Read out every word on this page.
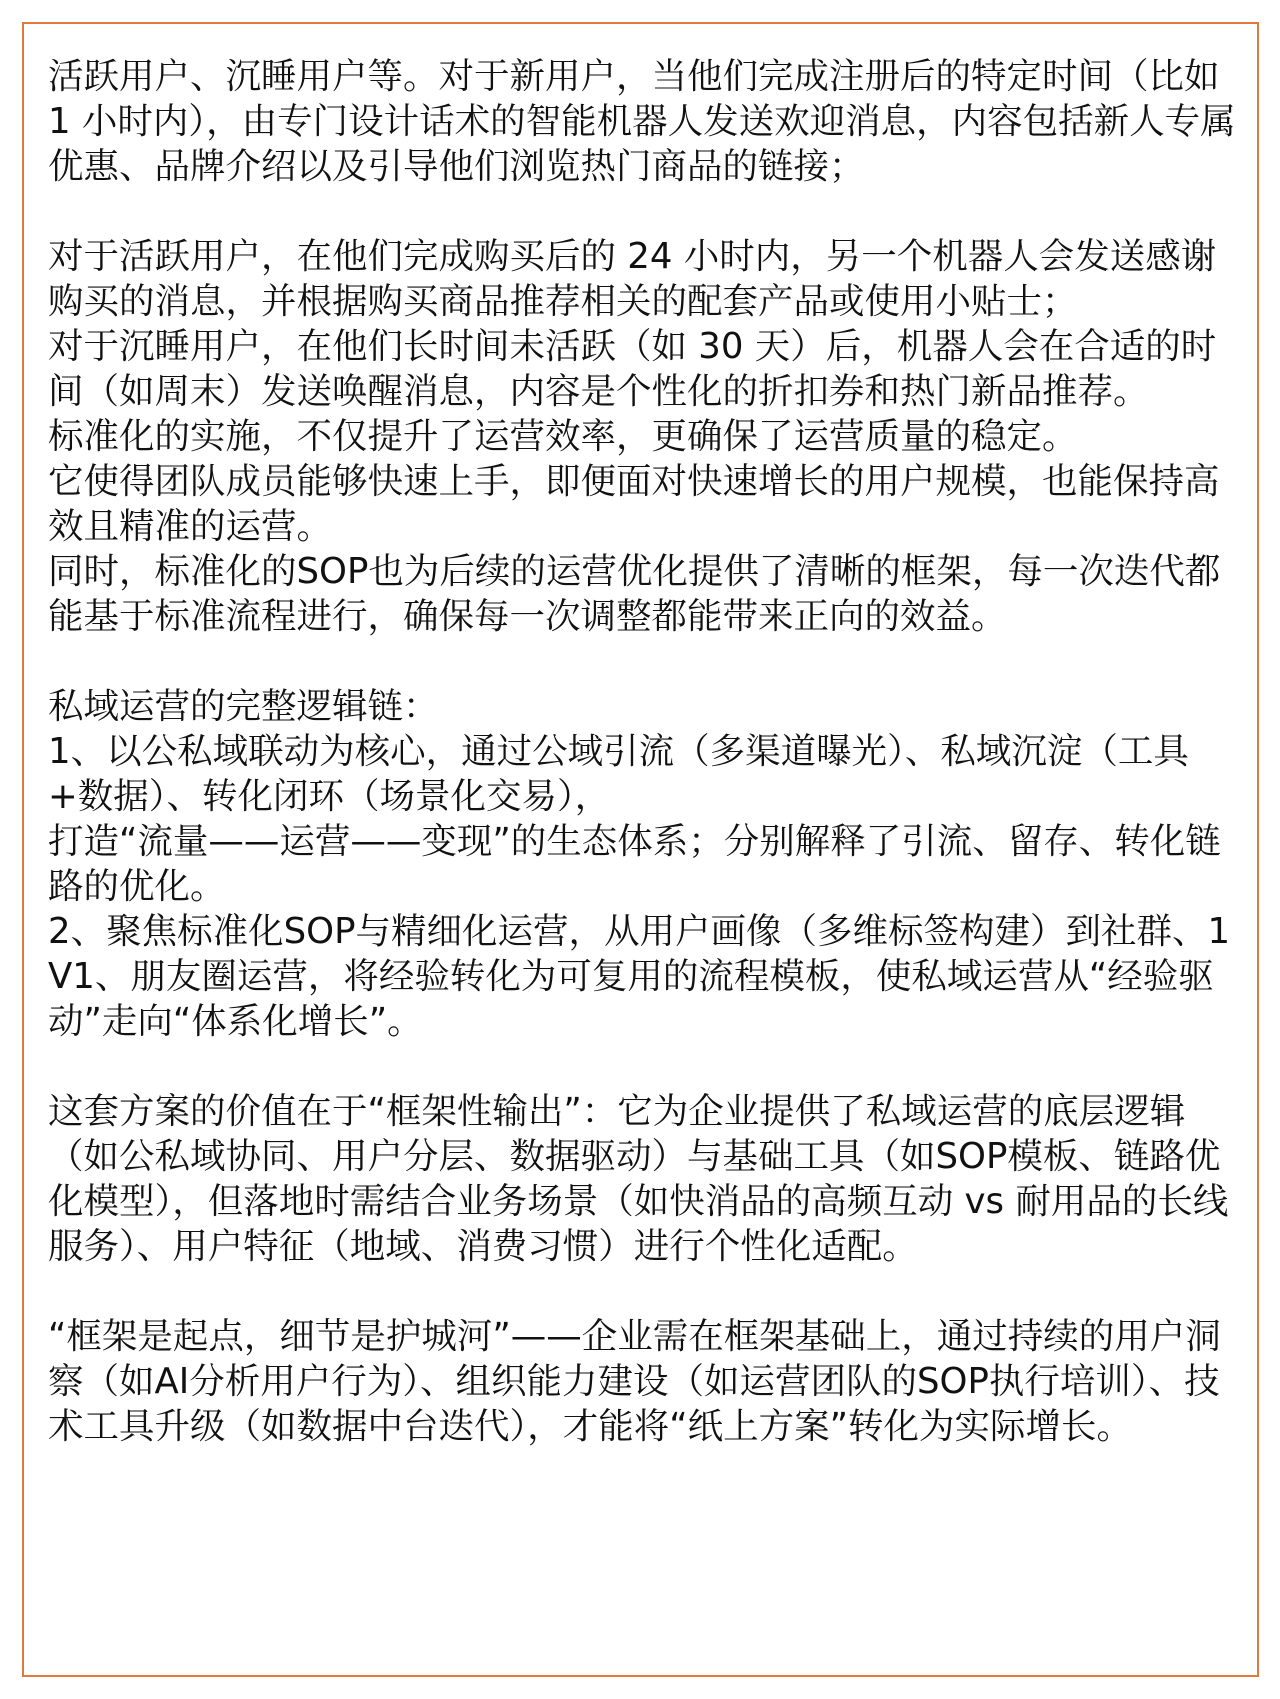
活跃用户、沉睡用户等。对于新用户，当他们完成注册后的特定时间（比如 1 小时内），由专门设计话术的智能机器人发送欢迎消息，内容包括新人专属优惠、品牌介绍以及引导他们浏览热门商品的链接；

对于活跃用户，在他们完成购买后的 24 小时内，另一个机器人会发送感谢购买的消息，并根据购买商品推荐相关的配套产品或使用小贴士；

对于沉睡用户，在他们长时间未活跃（如 30 天）后，机器人会在合适的时间（如周末）发送唤醒消息，内容是个性化的折扣券和热门新品推荐。

标准化的实施，不仅提升了运营效率，更确保了运营质量的稳定。

它使得团队成员能够快速上手，即便面对快速增长的用户规模，也能保持高效且精准的运营。

同时，标准化的SOP也为后续的运营优化提供了清晰的框架，每一次迭代都能基于标准流程进行，确保每一次调整都能带来正向的效益。

私域运营的完整逻辑链：

1、以公私域联动为核心，通过公域引流（多渠道曝光）、私域沉淀（工具+数据）、转化闭环（场景化交易），

打造“流量——运营——变现”的生态体系；分别解释了引流、留存、转化链路的优化。

2、聚焦标准化SOP与精细化运营，从用户画像（多维标签构建）到社群、1V1、朋友圈运营，将经验转化为可复用的流程模板，使私域运营从“经验驱动”走向“体系化增长”。

这套方案的价值在于“框架性输出”：它为企业提供了私域运营的底层逻辑（如公私域协同、用户分层、数据驱动）与基础工具（如SOP模板、链路优化模型），但落地时需结合业务场景（如快消品的高频互动 vs 耐用品的长线服务）、用户特征（地域、消费习惯）进行个性化适配。

“框架是起点，细节是护城河”——企业需在框架基础上，通过持续的用户洞察（如AI分析用户行为）、组织能力建设（如运营团队的SOP执行培训）、技术工具升级（如数据中台迭代），才能将“纸上方案”转化为实际增长。
